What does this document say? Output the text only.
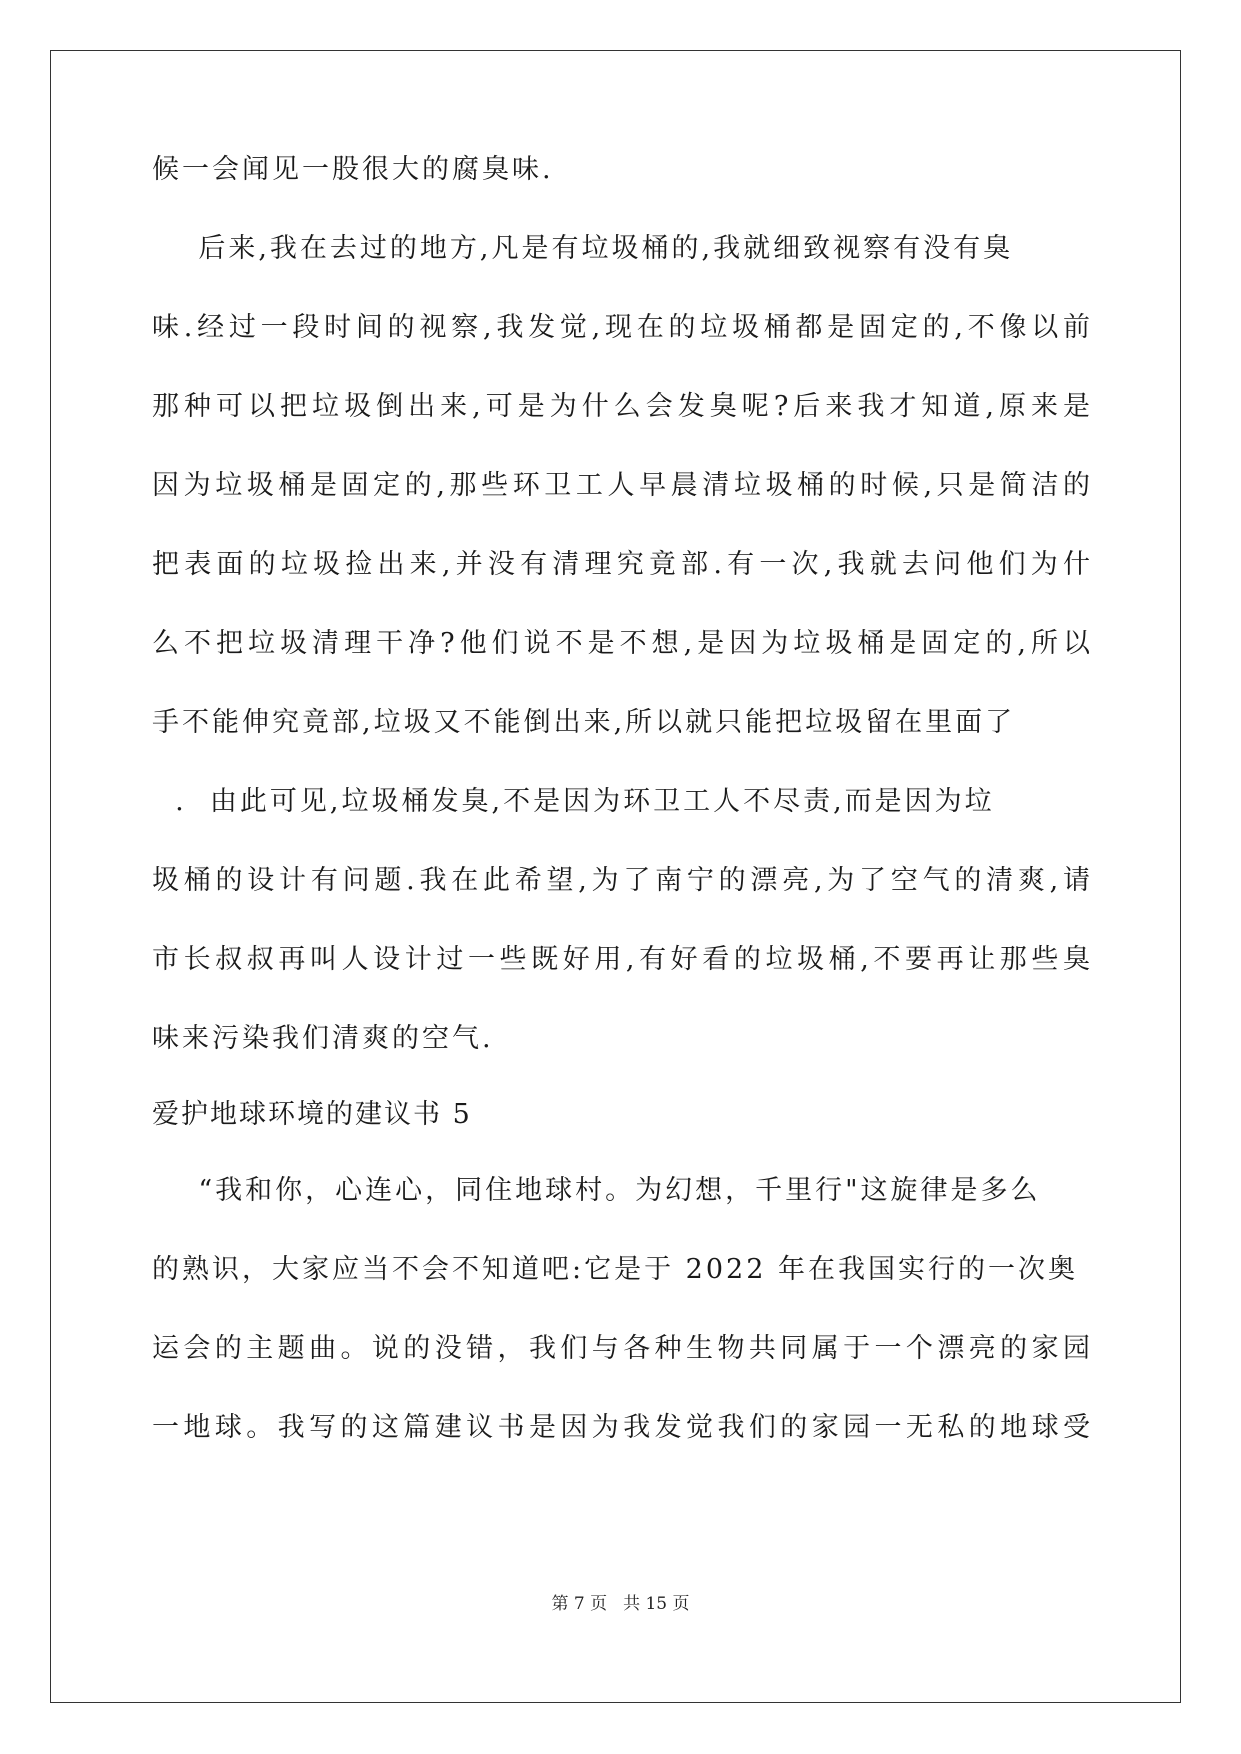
候一会闻见一股很大的腐臭味.
后来,我在去过的地方,凡是有垃圾桶的,我就细致视察有没有臭
味.经过一段时间的视察,我发觉,现在的垃圾桶都是固定的,不像以前
那种可以把垃圾倒出来,可是为什么会发臭呢?后来我才知道,原来是
因为垃圾桶是固定的,那些环卫工人早晨清垃圾桶的时候,只是简洁的
把表面的垃圾捡出来,并没有清理究竟部.有一次,我就去问他们为什
么不把垃圾清理干净?他们说不是不想,是因为垃圾桶是固定的,所以
手不能伸究竟部,垃圾又不能倒出来,所以就只能把垃圾留在里面了
.  由此可见,垃圾桶发臭,不是因为环卫工人不尽责,而是因为垃
圾桶的设计有问题.我在此希望,为了南宁的漂亮,为了空气的清爽,请
市长叔叔再叫人设计过一些既好用,有好看的垃圾桶,不要再让那些臭
味来污染我们清爽的空气.
爱护地球环境的建议书 5
“我和你，心连心，同住地球村。为幻想，千里行"这旋律是多么
的熟识，大家应当不会不知道吧:它是于 2022 年在我国实行的一次奥
运会的主题曲。说的没错，我们与各种生物共同属于一个漂亮的家园
一地球。我写的这篇建议书是因为我发觉我们的家园一无私的地球受
第 7 页 共 15 页
